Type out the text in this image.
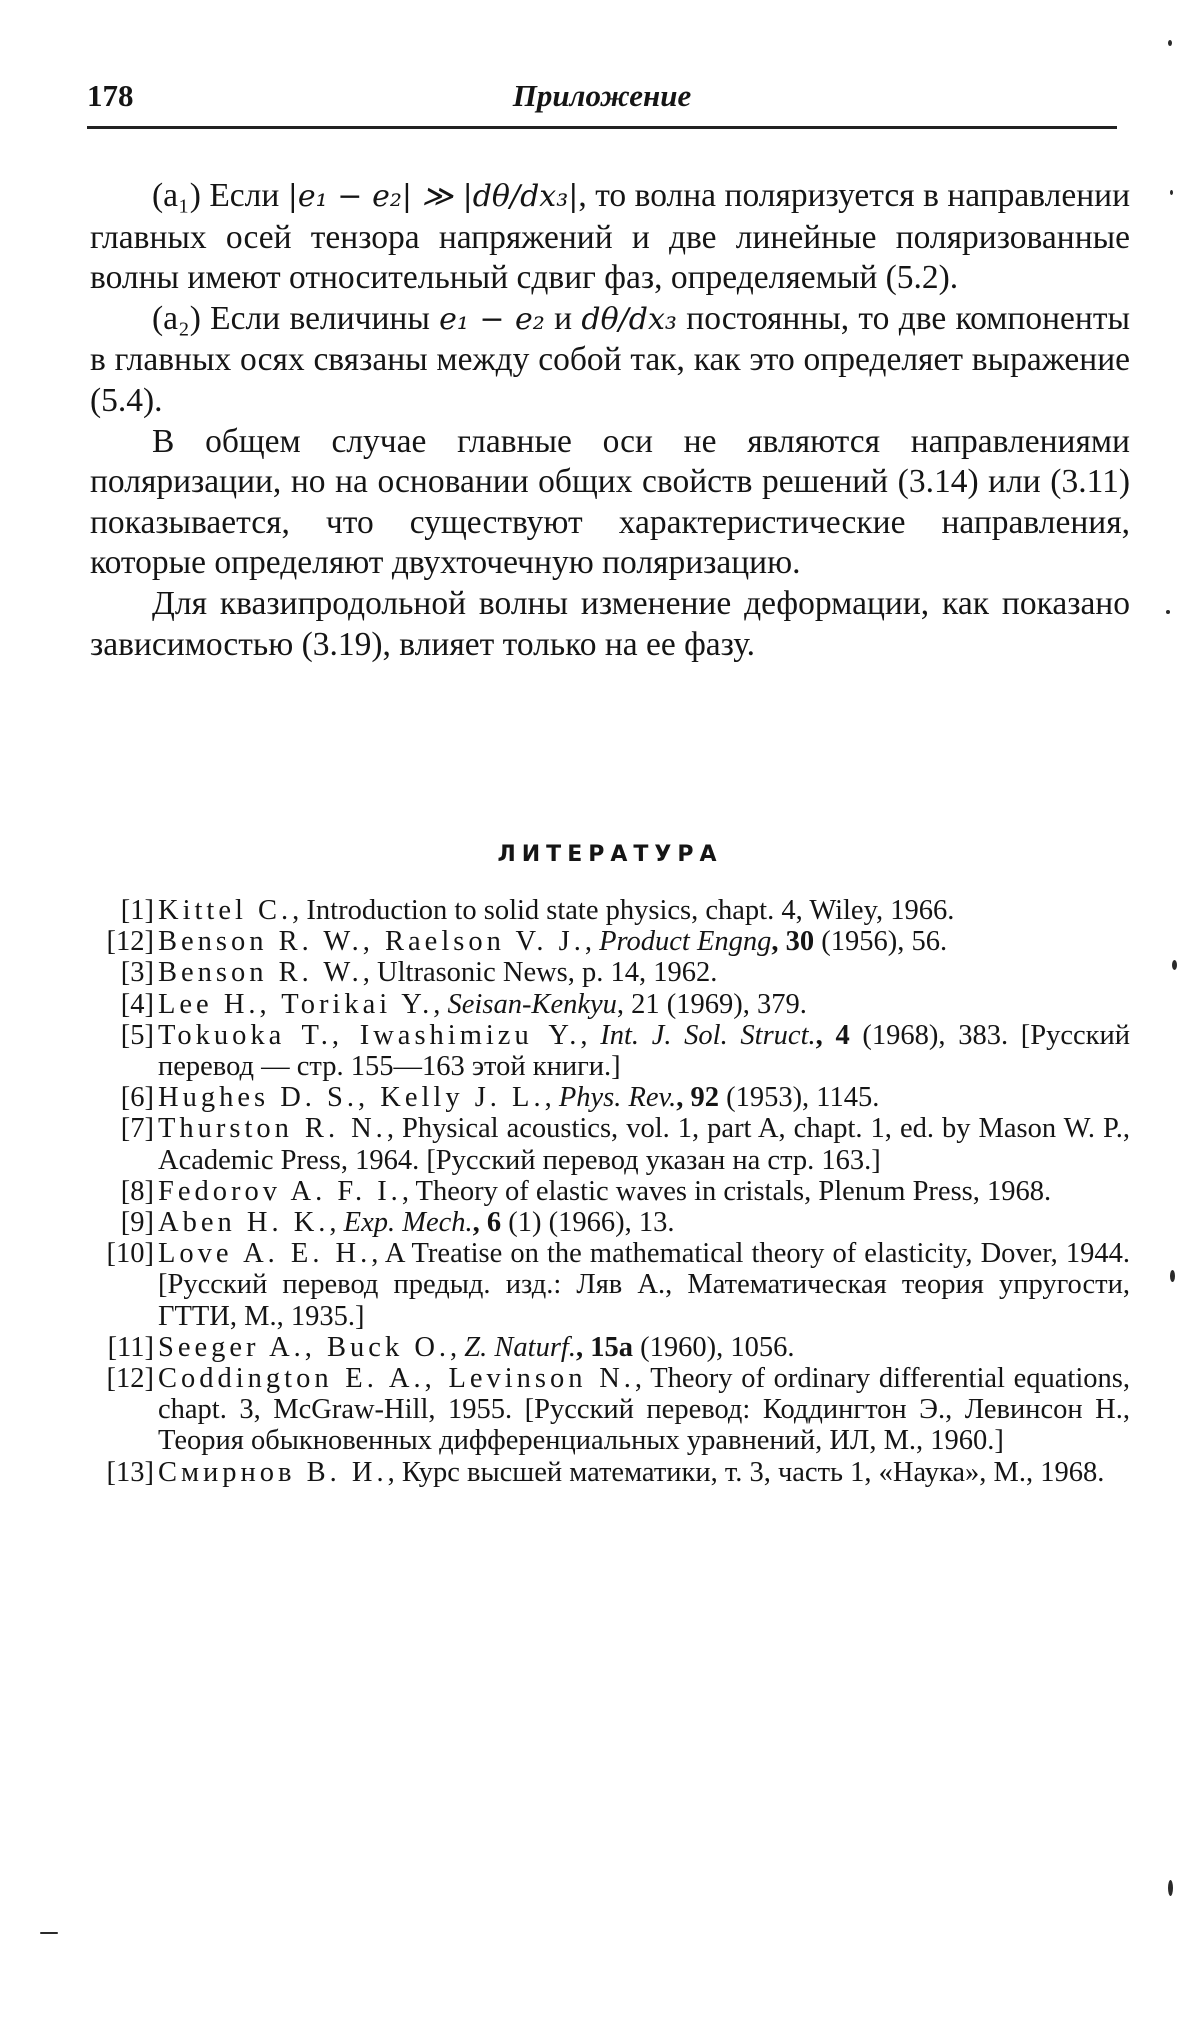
178	Приложение

(a₁) Если |e₁ − e₂| ≫ |dθ/dx₃|, то волна поляризуется в направлении главных осей тензора напряжений и две линейные поляризованные волны имеют относительный сдвиг фаз, определяемый (5.2).

(a₂) Если величины e₁ − e₂ и dθ/dx₃ постоянны, то две компоненты в главных осях связаны между собой так, как это определяет выражение (5.4).

В общем случае главные оси не являются направлениями поляризации, но на основании общих свойств решений (3.14) или (3.11) показывается, что существуют характеристические направления, которые определяют двухточечную поляризацию.

Для квазипродольной волны изменение деформации, как показано зависимостью (3.19), влияет только на ее фазу.

ЛИТЕРАТУРА
[1] Kittel C., Introduction to solid state physics, chapt. 4, Wiley, 1966.
[12] Benson R. W., Raelson V. J., Product Engng, 30 (1956), 56.
[3] Benson R. W., Ultrasonic News, p. 14, 1962.
[4] Lee H., Torikai Y., Seisan-Kenkyu, 21 (1969), 379.
[5] Tokuoka T., Iwashimizu Y., Int. J. Sol. Struct., 4 (1968), 383. [Русский перевод — стр. 155—163 этой книги.]
[6] Hughes D. S., Kelly J. L., Phys. Rev., 92 (1953), 1145.
[7] Thurston R. N., Physical acoustics, vol. 1, part A, chapt. 1, ed. by Mason W. P., Academic Press, 1964. [Русский перевод указан на стр. 163.]
[8] Fedorov A. F. I., Theory of elastic waves in cristals, Plenum Press, 1968.
[9] Aben H. K., Exp. Mech., 6 (1) (1966), 13.
[10] Love A. E. H., A Treatise on the mathematical theory of elasticity, Dover, 1944. [Русский перевод предыд. изд.: Ляв А., Математическая теория упругости, ГТТИ, М., 1935.]
[11] Seeger A., Buck O., Z. Naturf., 15a (1960), 1056.
[12] Coddington E. A., Levinson N., Theory of ordinary differential equations, chapt. 3, McGraw-Hill, 1955. [Русский перевод: Коддингтон Э., Левинсон Н., Теория обыкновенных дифференциальных уравнений, ИЛ, М., 1960.]
[13] Смирнов В. И., Курс высшей математики, т. 3, часть 1, «Наука», М., 1968.
